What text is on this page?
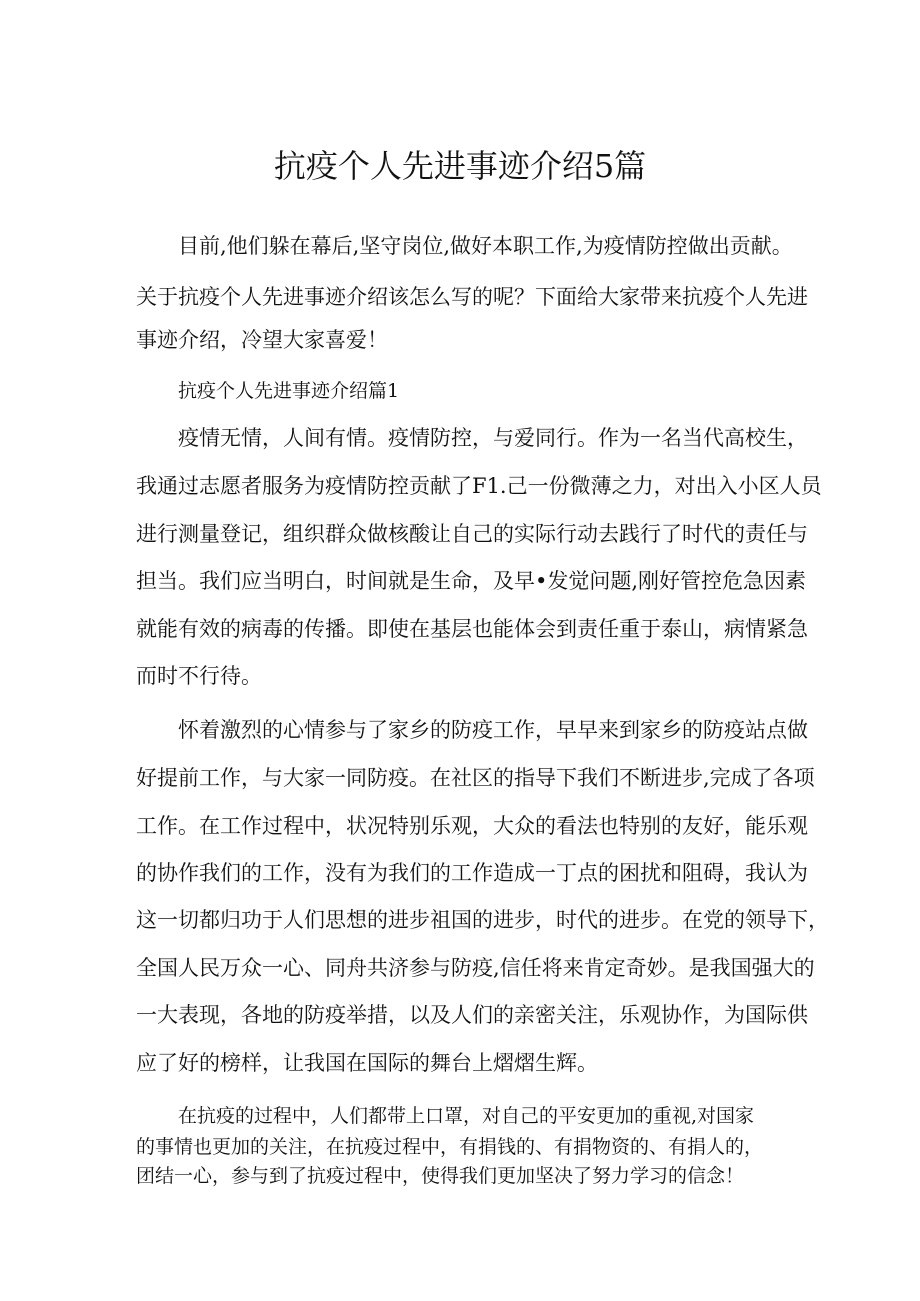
抗疫个人先进事迹介绍5篇

目前,他们躲在幕后,坚守岗位,做好本职工作,为疫情防控做出贡献。

关于抗疫个人先进事迹介绍该怎么写的呢？下面给大家带来抗疫个人先进

事迹介绍，冷望大家喜爱！

抗疫个人先进事迹介绍篇1

疫情无情，人间有情。疫情防控，与爱同行。作为一名当代高校生，

我通过志愿者服务为疫情防控贡献了F1.己一份微薄之力，对出入小区人员

进行测量登记，组织群众做核酸让自己的实际行动去践行了时代的责任与

担当。我们应当明白，时间就是生命，及早•发觉问题,刚好管控危急因素

就能有效的病毒的传播。即使在基层也能体会到责任重于泰山，病情紧急

而时不行待。

怀着激烈的心情参与了家乡的防疫工作，早早来到家乡的防疫站点做

好提前工作，与大家一同防疫。在社区的指导下我们不断进步,完成了各项

工作。在工作过程中，状况特别乐观，大众的看法也特别的友好，能乐观

的协作我们的工作，没有为我们的工作造成一丁点的困扰和阻碍，我认为

这一切都归功于人们思想的进步祖国的进步，时代的进步。在党的领导下，

全国人民万众一心、同舟共济参与防疫,信任将来肯定奇妙。是我国强大的

一大表现，各地的防疫举措，以及人们的亲密关注，乐观协作，为国际供

应了好的榜样，让我国在国际的舞台上熠熠生辉。

在抗疫的过程中，人们都带上口罩，对自己的平安更加的重视,对国家

的事情也更加的关注，在抗疫过程中，有捐钱的、有捐物资的、有捐人的，

团结一心，参与到了抗疫过程中，使得我们更加坚决了努力学习的信念！
